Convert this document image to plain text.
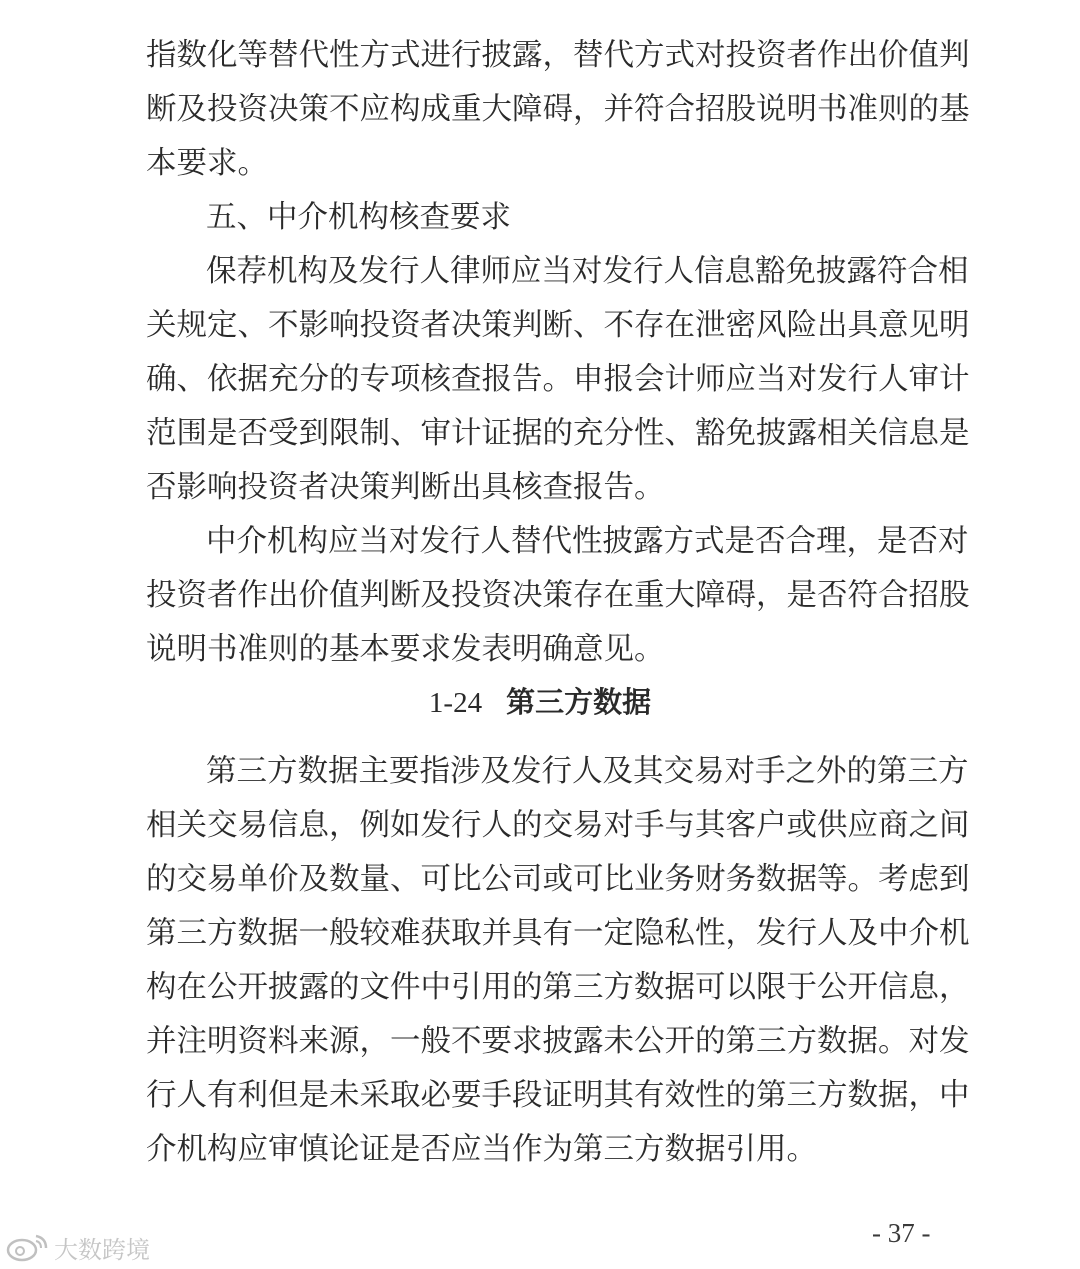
指数化等替代性方式进行披露，替代方式对投资者作出价值判
断及投资决策不应构成重大障碍，并符合招股说明书准则的基
本要求。
五、中介机构核查要求
保荐机构及发行人律师应当对发行人信息豁免披露符合相
关规定、不影响投资者决策判断、不存在泄密风险出具意见明
确、依据充分的专项核查报告。申报会计师应当对发行人审计
范围是否受到限制、审计证据的充分性、豁免披露相关信息是
否影响投资者决策判断出具核查报告。
中介机构应当对发行人替代性披露方式是否合理，是否对
投资者作出价值判断及投资决策存在重大障碍，是否符合招股
说明书准则的基本要求发表明确意见。
1-24 第三方数据
第三方数据主要指涉及发行人及其交易对手之外的第三方
相关交易信息，例如发行人的交易对手与其客户或供应商之间
的交易单价及数量、可比公司或可比业务财务数据等。考虑到
第三方数据一般较难获取并具有一定隐私性，发行人及中介机
构在公开披露的文件中引用的第三方数据可以限于公开信息，
并注明资料来源，一般不要求披露未公开的第三方数据。对发
行人有利但是未采取必要手段证明其有效性的第三方数据，中
介机构应审慎论证是否应当作为第三方数据引用。
- 37 -
大数跨境
